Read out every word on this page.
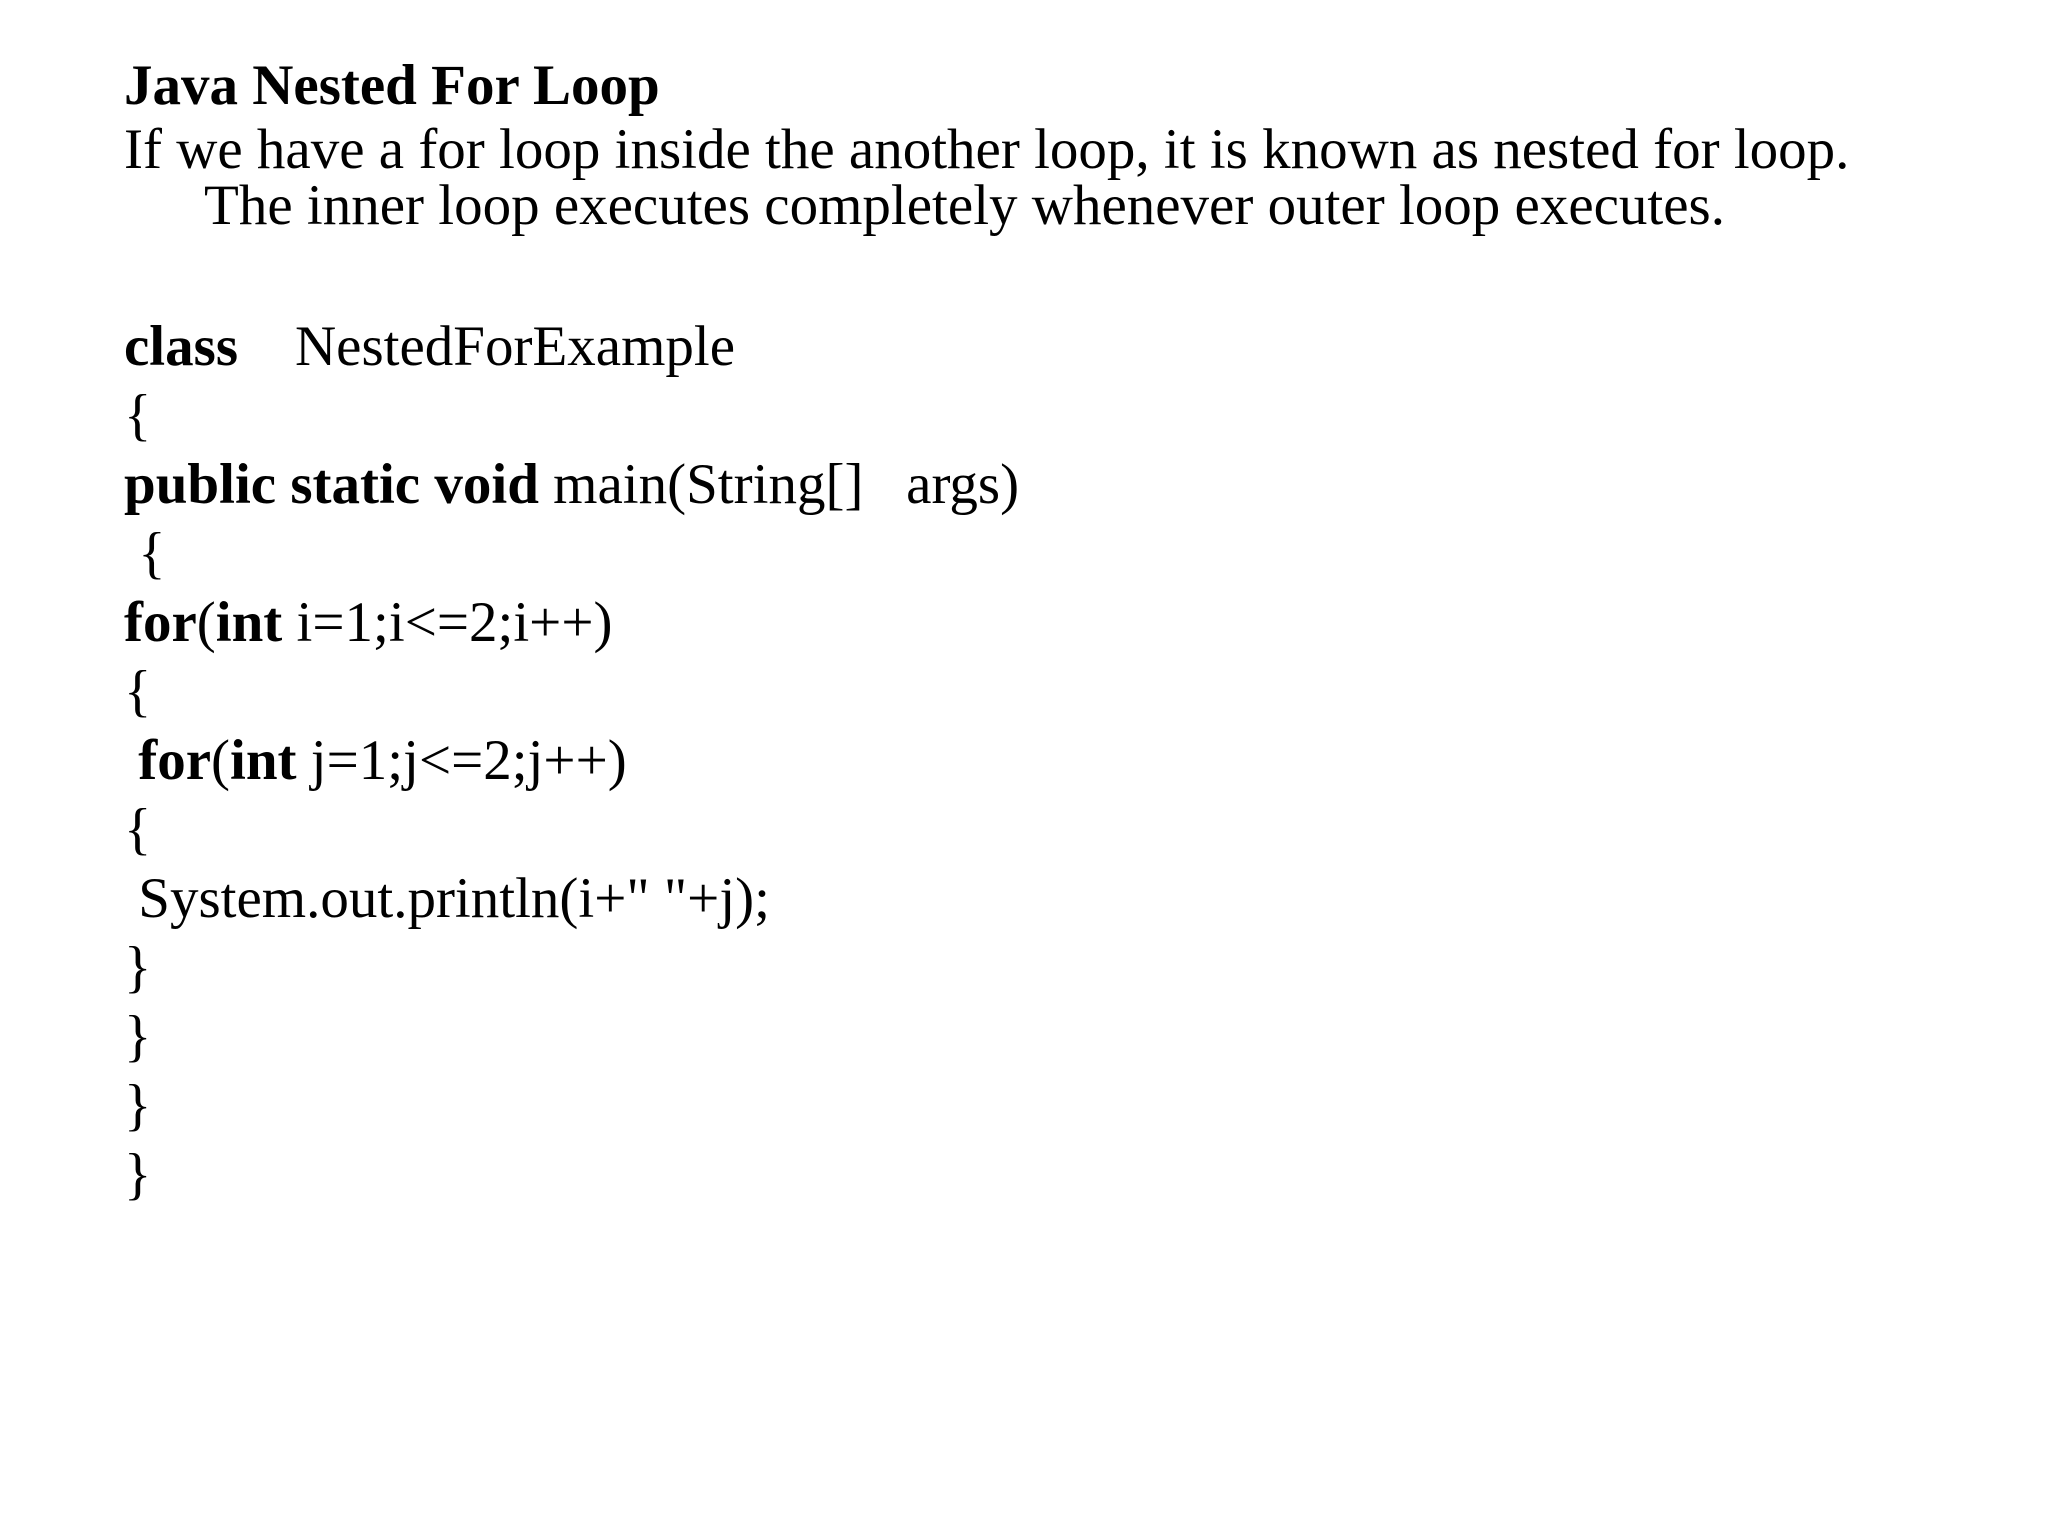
Java Nested For Loop
If we have a for loop inside the another loop, it is known as nested for loop.
The inner loop executes completely whenever outer loop executes.
class    NestedForExample
{
public static void main(String[]   args)
{
for(int i=1;i<=2;i++)
{
for(int j=1;j<=2;j++)
{
System.out.println(i+" "+j);
}
}
}
}
